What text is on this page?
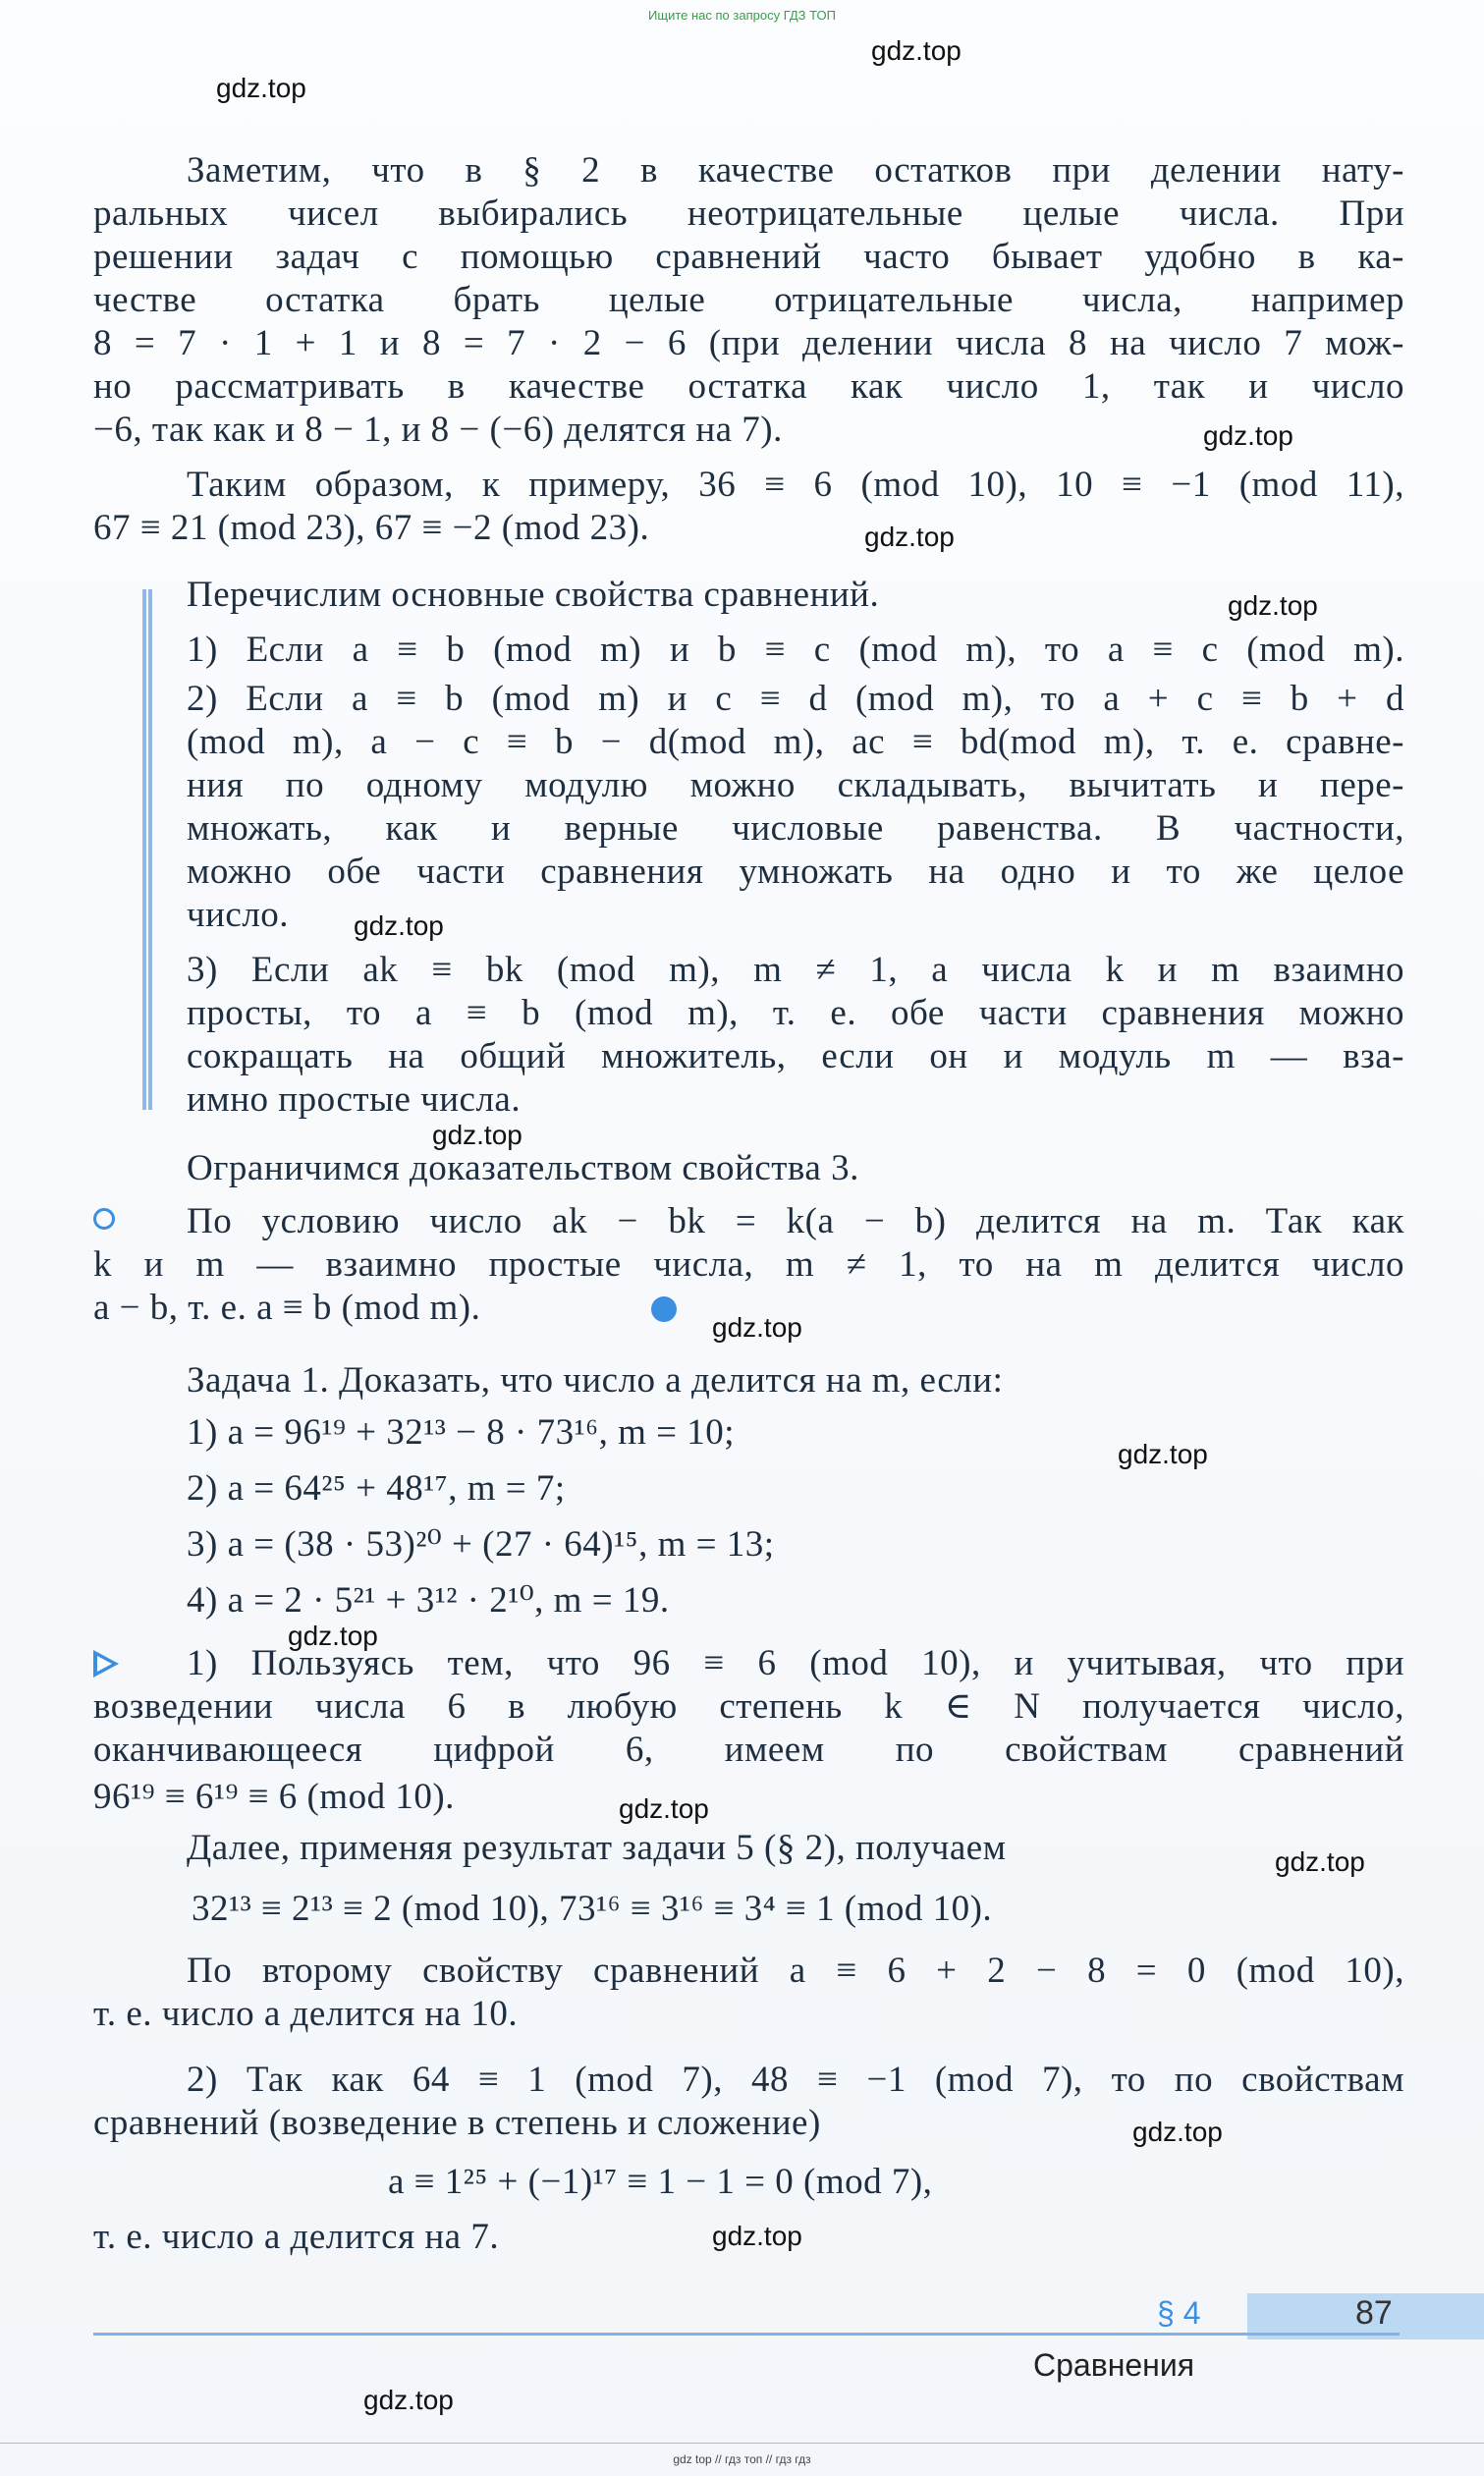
Ищите нас по запросу ГДЗ ТОП
gdz.top
gdz.top
gdz.top
gdz.top
gdz.top
gdz.top
gdz.top
gdz.top
gdz.top
gdz.top
gdz.top
gdz.top
gdz.top
gdz.top
gdz.top
Заметим, что в § 2 в качестве остатков при делении нату-
ральных чисел выбирались неотрицательные целые числа. При
решении задач с помощью сравнений часто бывает удобно в ка-
честве остатка брать целые отрицательные числа, например
8 = 7 · 1 + 1 и 8 = 7 · 2 − 6 (при делении числа 8 на число 7 мож-
но рассматривать в качестве остатка как число 1, так и число
−6, так как и 8 − 1, и 8 − (−6) делятся на 7).
Таким образом, к примеру, 36 ≡ 6 (mod 10), 10 ≡ −1 (mod 11),
67 ≡ 21 (mod 23), 67 ≡ −2 (mod 23).
Перечислим основные свойства сравнений.
1) Если a ≡ b (mod m) и b ≡ c (mod m), то a ≡ c (mod m).
2) Если a ≡ b (mod m) и c ≡ d (mod m), то a + c ≡ b + d
(mod m), a − c ≡ b − d(mod m), ac ≡ bd(mod m), т. е. сравне-
ния по одному модулю можно складывать, вычитать и пере-
множать, как и верные числовые равенства. В частности,
можно обе части сравнения умножать на одно и то же целое
число.
3) Если ak ≡ bk (mod m), m ≠ 1, а числа k и m взаимно
просты, то a ≡ b (mod m), т. е. обе части сравнения можно
сокращать на общий множитель, если он и модуль m — вза-
имно простые числа.
Ограничимся доказательством свойства 3.
По условию число ak − bk = k(a − b) делится на m. Так как
k и m — взаимно простые числа, m ≠ 1, то на m делится число
a − b, т. е. a ≡ b (mod m).
Задача 1. Доказать, что число a делится на m, если:
1) a = 96¹⁹ + 32¹³ − 8 · 73¹⁶, m = 10;
2) a = 64²⁵ + 48¹⁷, m = 7;
3) a = (38 · 53)²⁰ + (27 · 64)¹⁵, m = 13;
4) a = 2 · 5²¹ + 3¹² · 2¹⁰, m = 19.
1) Пользуясь тем, что 96 ≡ 6 (mod 10), и учитывая, что при
возведении числа 6 в любую степень k ∈ N получается число,
оканчивающееся цифрой 6, имеем по свойствам сравнений
96¹⁹ ≡ 6¹⁹ ≡ 6 (mod 10).
Далее, применяя результат задачи 5 (§ 2), получаем
32¹³ ≡ 2¹³ ≡ 2 (mod 10), 73¹⁶ ≡ 3¹⁶ ≡ 3⁴ ≡ 1 (mod 10).
По второму свойству сравнений a ≡ 6 + 2 − 8 = 0 (mod 10),
т. е. число a делится на 10.
2) Так как 64 ≡ 1 (mod 7), 48 ≡ −1 (mod 7), то по свойствам
сравнений (возведение в степень и сложение)
a ≡ 1²⁵ + (−1)¹⁷ ≡ 1 − 1 = 0 (mod 7),
т. е. число a делится на 7.
§ 4	87
Сравнения
gdz top // гдз топ // гдз гдз
